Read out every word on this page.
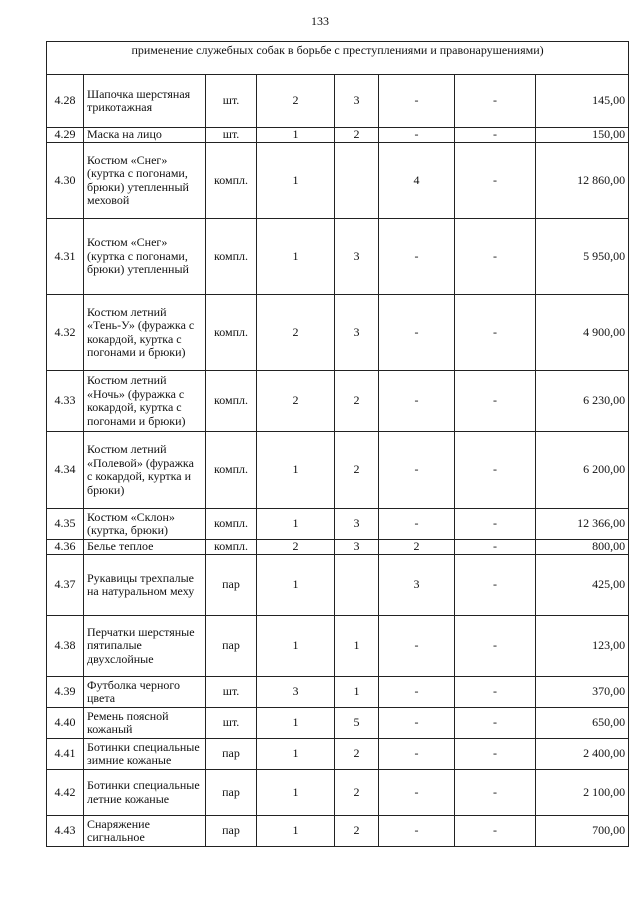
133
применение служебных собак в борьбе с преступлениями и правонарушениями)							
4.28	Шапочка шерстяная трикотажная	шт.	2	3	-	-	145,00
4.29	Маска на лицо	шт.	1	2	-	-	150,00
4.30	Костюм «Снег» (куртка с погонами, брюки) утепленный меховой	компл.	1		4	-	12 860,00
4.31	Костюм «Снег» (куртка с погонами, брюки) утепленный	компл.	1	3	-	-	5 950,00
4.32	Костюм летний «Тень-У» (фуражка с кокардой, куртка с погонами и брюки)	компл.	2	3	-	-	4 900,00
4.33	Костюм летний «Ночь» (фуражка с кокардой, куртка с погонами и брюки)	компл.	2	2	-	-	6 230,00
4.34	Костюм летний «Полевой» (фуражка с кокардой, куртка и брюки)	компл.	1	2	-	-	6 200,00
4.35	Костюм «Склон» (куртка, брюки)	компл.	1	3	-	-	12 366,00
4.36	Белье теплое	компл.	2	3	2	-	800,00
4.37	Рукавицы трехпалые на натуральном меху	пар	1		3	-	425,00
4.38	Перчатки шерстяные пятипалые двухслойные	пар	1	1	-	-	123,00
4.39	Футболка черного цвета	шт.	3	1	-	-	370,00
4.40	Ремень поясной кожаный	шт.	1	5	-	-	650,00
4.41	Ботинки специальные зимние кожаные	пар	1	2	-	-	2 400,00
4.42	Ботинки специальные летние кожаные	пар	1	2	-	-	2 100,00
4.43	Снаряжение сигнальное	пар	1	2	-	-	700,00
